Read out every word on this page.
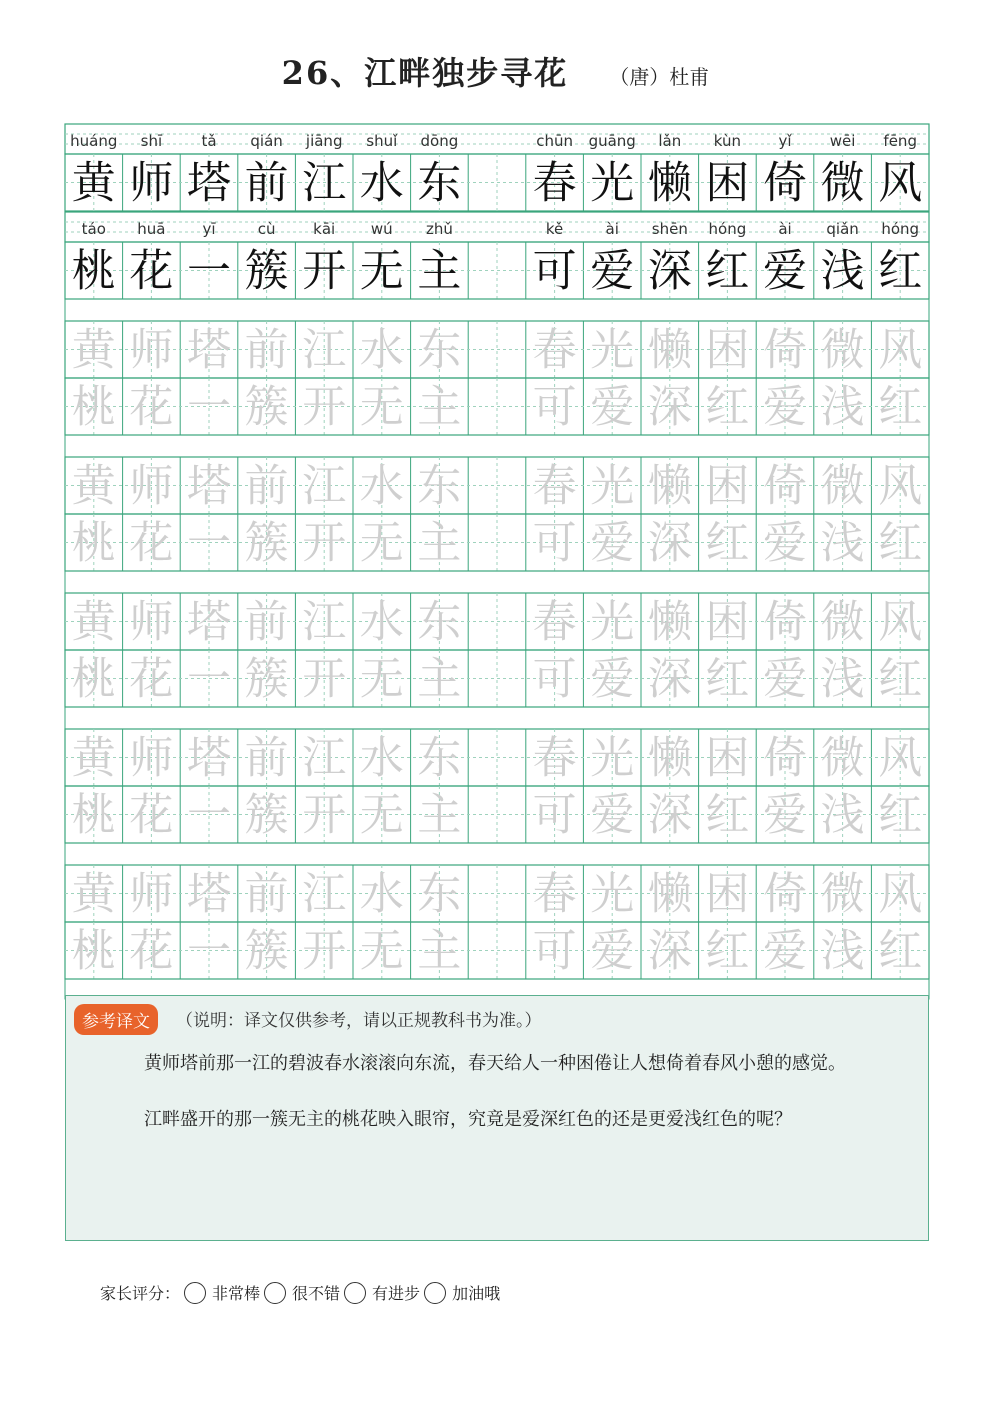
26、江畔独步寻花 （唐）杜甫
huáng shī	tǎ qián jiāng shuǐ dōng	chūn guāng lǎn kùn yǐ	wēi fēng
黄 师 塔 前 江 水 东 春 光 懒 困 倚 微 风
táo huā yī	cù	kāi wú zhǔ	kě	ài shēn hóng ài qiǎn hóng
桃 花 一 簇 开 无 主 可 爱 深 红 爱 浅 红
黄 师 塔 前 江 水 东 春 光 懒 困 倚 微 风
桃 花 一 簇 开 无 主 可 爱 深 红 爱 浅 红
黄 师 塔 前 江 水 东 春 光 懒 困 倚 微 风
桃 花 一 簇 开 无 主 可 爱 深 红 爱 浅 红
黄 师 塔 前 江 水 东 春 光 懒 困 倚 微 风
桃 花 一 簇 开 无 主 可 爱 深 红 爱 浅 红
黄 师 塔 前 江 水 东 春 光 懒 困 倚 微 风
桃 花 一 簇 开 无 主 可 爱 深 红 爱 浅 红
黄 师 塔 前 江 水 东 春 光 懒 困 倚 微 风
桃 花 一 簇 开 无 主 可 爱 深 红 爱 浅 红
参考译文	（说明：译文仅供参考，请以正规教科书为准。）
黄师塔前那一江的碧波春水滚滚向东流，春天给人一种困倦让人想倚着春风小憩的感觉。
江畔盛开的那一簇无主的桃花映入眼帘，究竟是爱深红色的还是更爱浅红色的呢？
家长评分： 非常棒 很不错 有进步 加油哦
